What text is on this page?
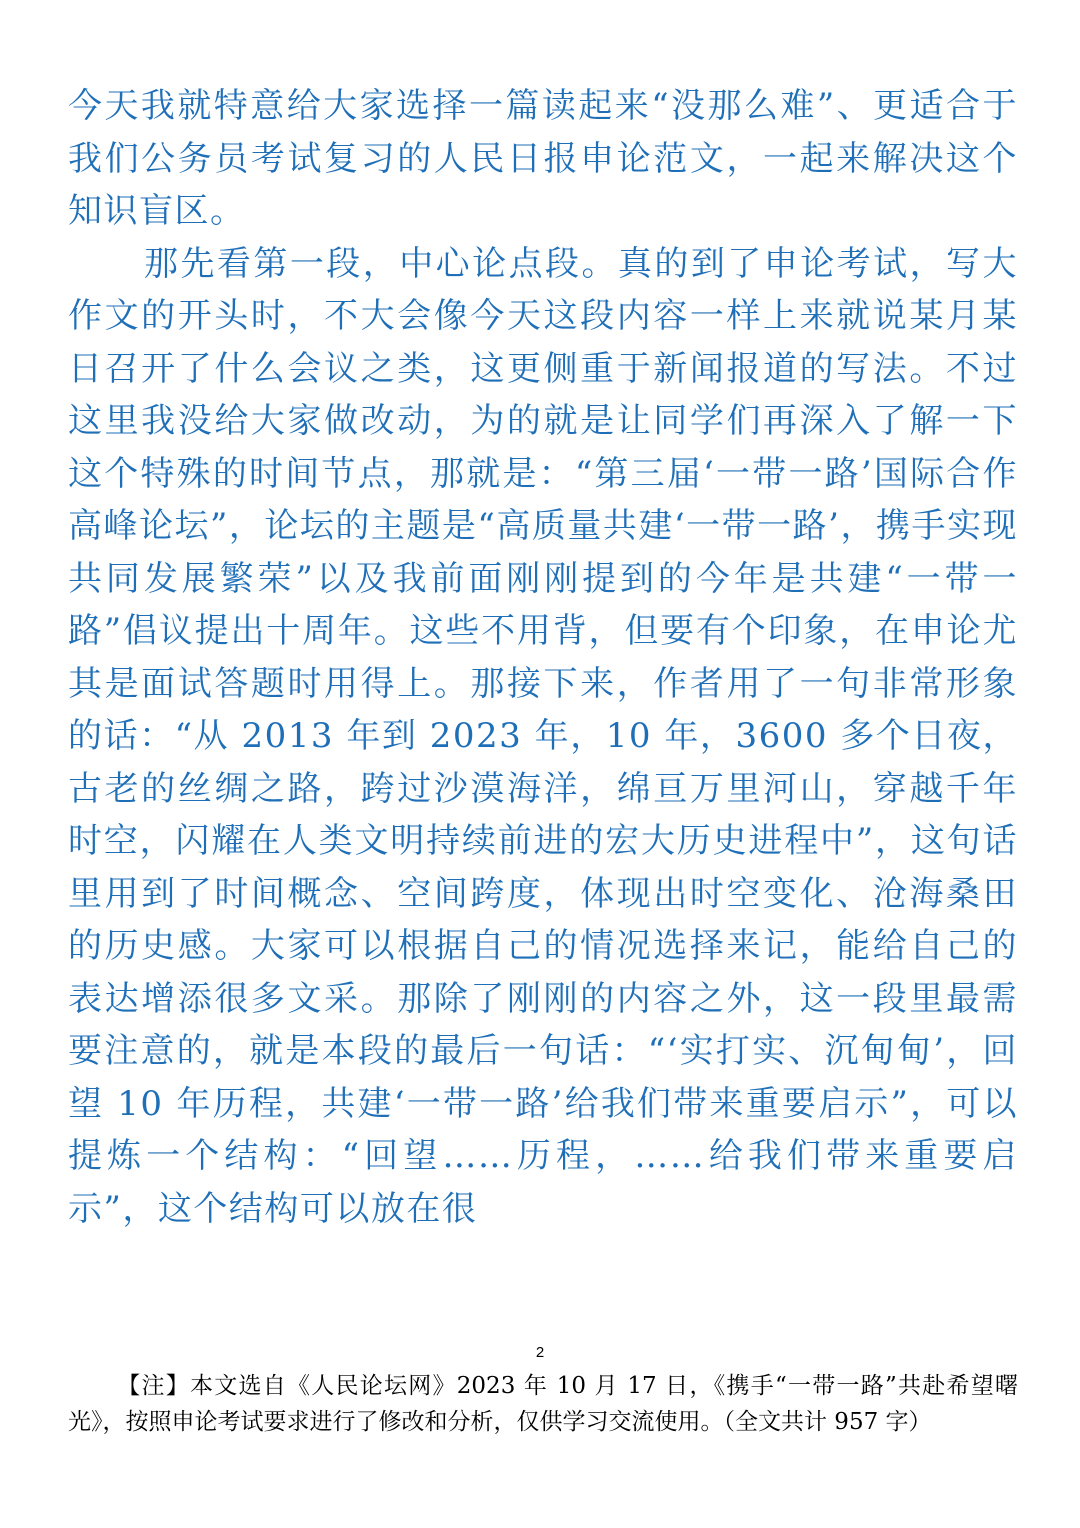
今天我就特意给大家选择一篇读起来“没那么难”、更适合于我们公务员考试复习的人民日报申论范文，一起来解决这个知识盲区。

那先看第一段，中心论点段。真的到了申论考试，写大作文的开头时，不大会像今天这段内容一样上来就说某月某日召开了什么会议之类，这更侧重于新闻报道的写法。不过这里我没给大家做改动，为的就是让同学们再深入了解一下这个特殊的时间节点，那就是：“第三届‘一带一路’国际合作高峰论坛”，论坛的主题是“高质量共建‘一带一路’，携手实现共同发展繁荣”以及我前面刚刚提到的今年是共建“一带一路”倡议提出十周年。这些不用背，但要有个印象，在申论尤其是面试答题时用得上。那接下来，作者用了一句非常形象的话：“从 2013 年到 2023 年，10 年，3600 多个日夜，古老的丝绸之路，跨过沙漠海洋，绵亘万里河山，穿越千年时空，闪耀在人类文明持续前进的宏大历史进程中”，这句话里用到了时间概念、空间跨度，体现出时空变化、沧海桑田的历史感。大家可以根据自己的情况选择来记，能给自己的表达增添很多文采。那除了刚刚的内容之外，这一段里最需要注意的，就是本段的最后一句话：“‘实打实、沉甸甸’，回望 10 年历程，共建‘一带一路’给我们带来重要启示”，可以提炼一个结构：“回望……历程，……给我们带来重要启示”，这个结构可以放在很

2
【注】本文选自《人民论坛网》2023 年 10 月 17 日，《携手“一带一路”共赴希望曙光》，按照申论考试要求进行了修改和分析，仅供学习交流使用。（全文共计 957 字）
